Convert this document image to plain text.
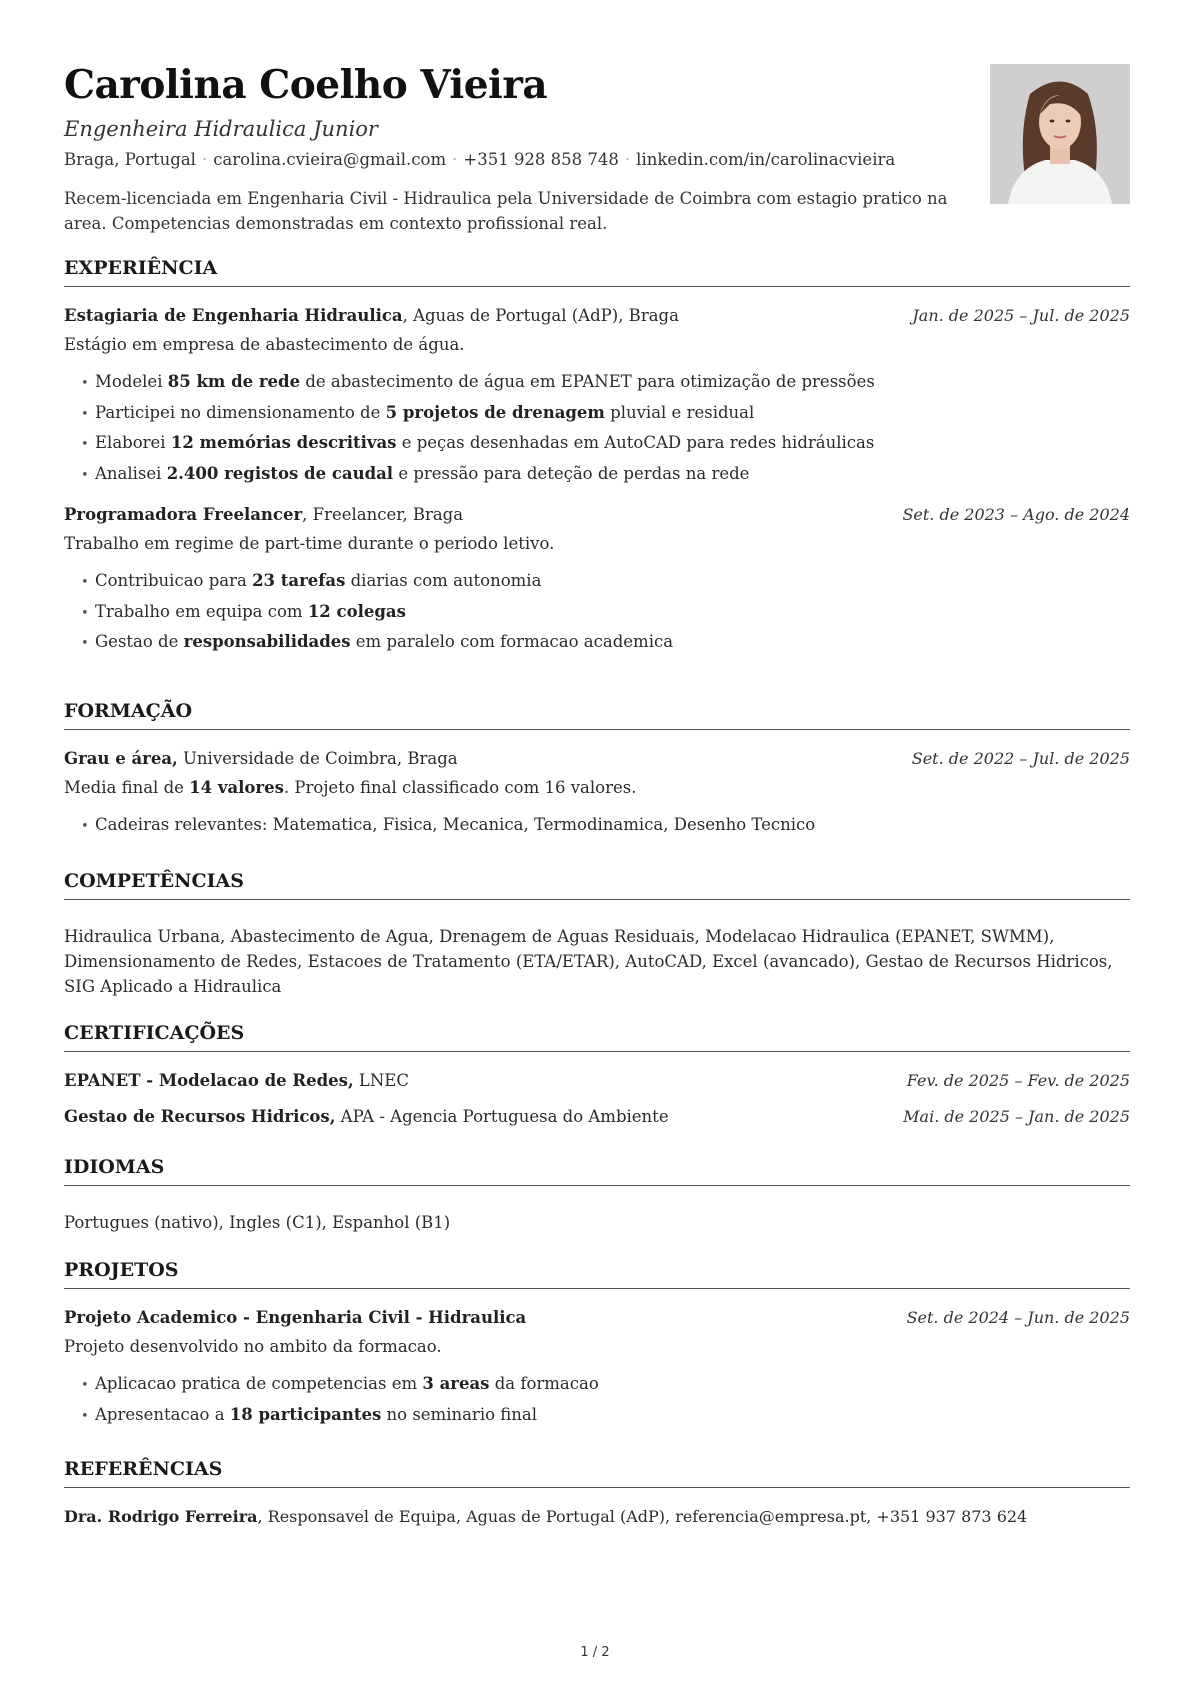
Carolina Coelho Vieira
Engenheira Hidraulica Junior
Braga, Portugal · carolina.cvieira@gmail.com · +351 928 858 748 · linkedin.com/in/carolinacvieira
Recem-licenciada em Engenharia Civil - Hidraulica pela Universidade de Coimbra com estagio pratico na area. Competencias demonstradas em contexto profissional real.
EXPERIÊNCIA
Estagiaria de Engenharia Hidraulica, Aguas de Portugal (AdP), Braga	Jan. de 2025 – Jul. de 2025
Estágio em empresa de abastecimento de água.
• Modelei 85 km de rede de abastecimento de água em EPANET para otimização de pressões
• Participei no dimensionamento de 5 projetos de drenagem pluvial e residual
• Elaborei 12 memórias descritivas e peças desenhadas em AutoCAD para redes hidráulicas
• Analisei 2.400 registos de caudal e pressão para deteção de perdas na rede
Programadora Freelancer, Freelancer, Braga	Set. de 2023 – Ago. de 2024
Trabalho em regime de part-time durante o periodo letivo.
• Contribuicao para 23 tarefas diarias com autonomia
• Trabalho em equipa com 12 colegas
• Gestao de responsabilidades em paralelo com formacao academica
FORMAÇÃO
Grau e área, Universidade de Coimbra, Braga	Set. de 2022 – Jul. de 2025
Media final de 14 valores. Projeto final classificado com 16 valores.
• Cadeiras relevantes: Matematica, Fisica, Mecanica, Termodinamica, Desenho Tecnico
COMPETÊNCIAS
Hidraulica Urbana, Abastecimento de Agua, Drenagem de Aguas Residuais, Modelacao Hidraulica (EPANET, SWMM), Dimensionamento de Redes, Estacoes de Tratamento (ETA/ETAR), AutoCAD, Excel (avancado), Gestao de Recursos Hidricos, SIG Aplicado a Hidraulica
CERTIFICAÇÕES
EPANET - Modelacao de Redes, LNEC	Fev. de 2025 – Fev. de 2025
Gestao de Recursos Hidricos, APA - Agencia Portuguesa do Ambiente	Mai. de 2025 – Jan. de 2025
IDIOMAS
Portugues (nativo), Ingles (C1), Espanhol (B1)
PROJETOS
Projeto Academico - Engenharia Civil - Hidraulica	Set. de 2024 – Jun. de 2025
Projeto desenvolvido no ambito da formacao.
• Aplicacao pratica de competencias em 3 areas da formacao
• Apresentacao a 18 participantes no seminario final
REFERÊNCIAS
Dra. Rodrigo Ferreira, Responsavel de Equipa, Aguas de Portugal (AdP), referencia@empresa.pt, +351 937 873 624
1 / 2
